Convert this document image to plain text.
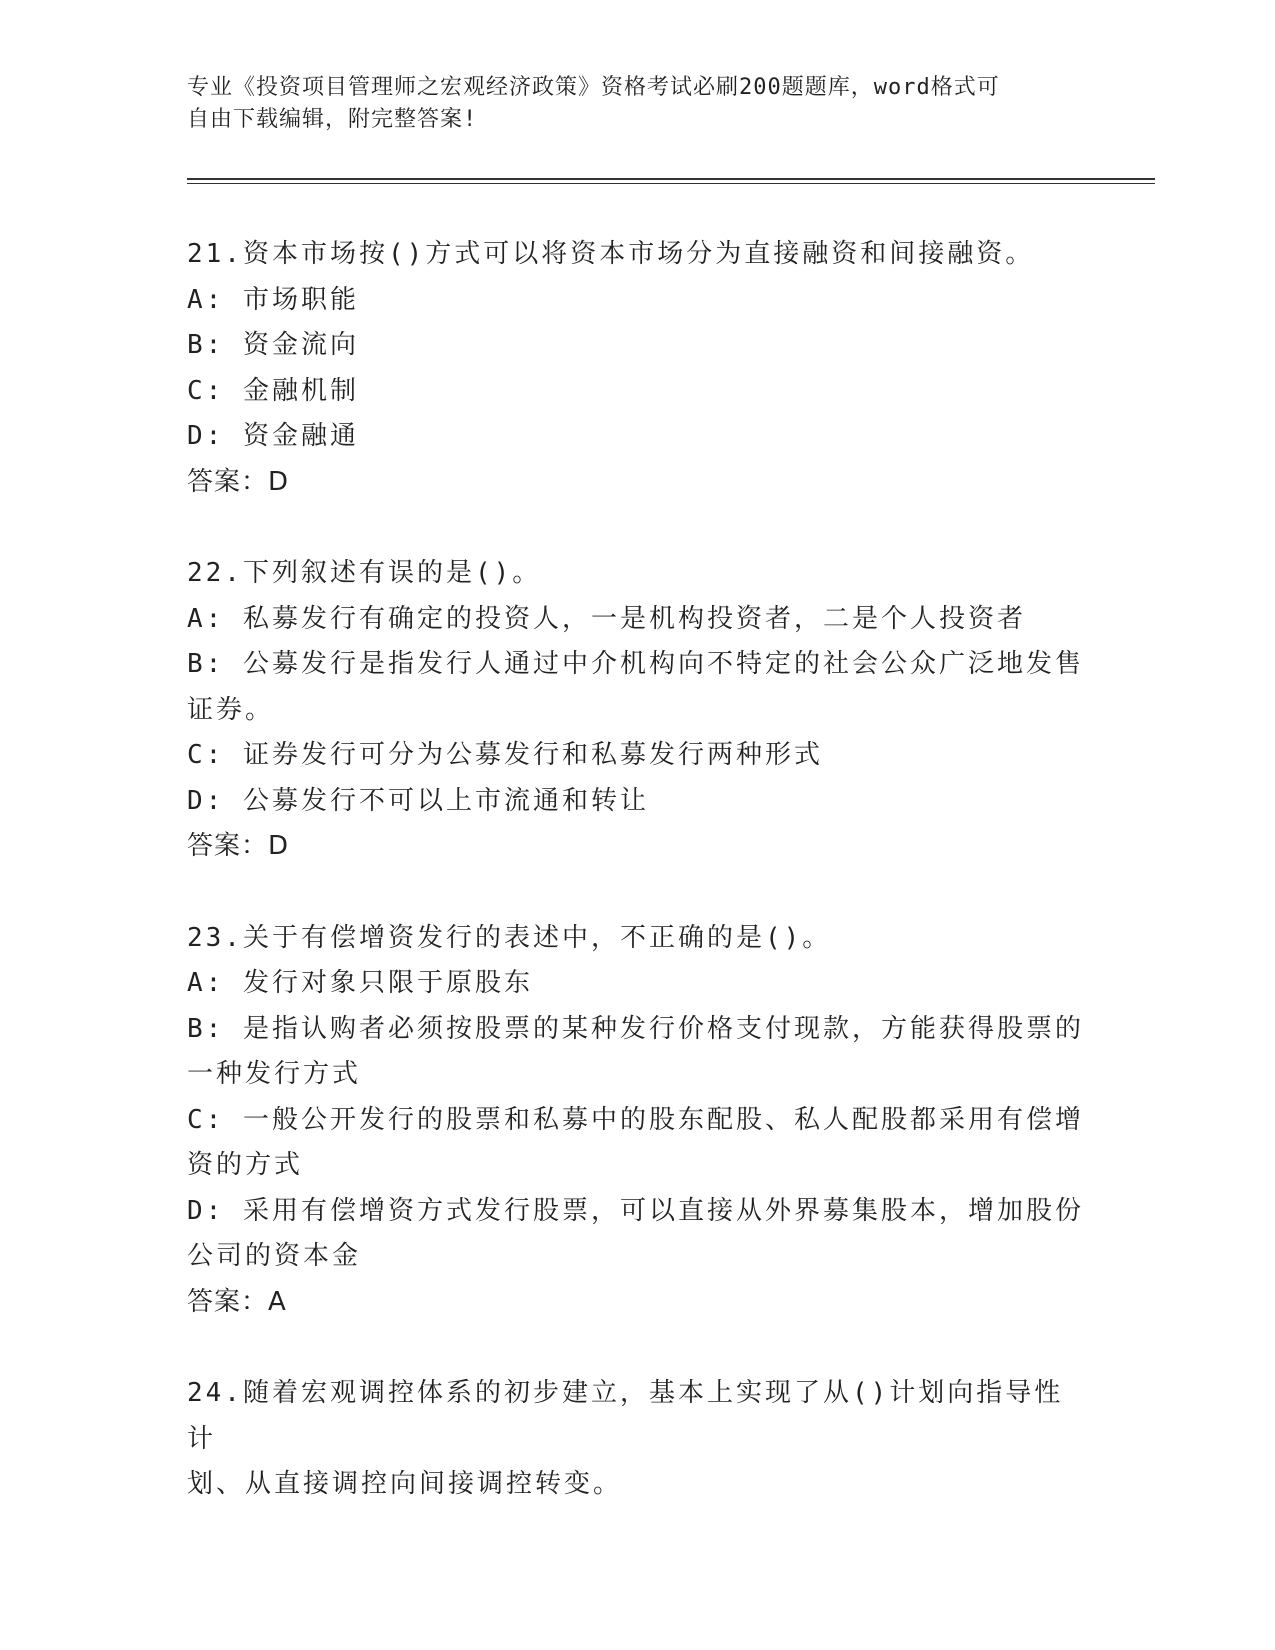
专业《投资项目管理师之宏观经济政策》资格考试必刷200题题库，word格式可
自由下载编辑，附完整答案!
21.资本市场按()方式可以将资本市场分为直接融资和间接融资。
A: 市场职能
B: 资金流向
C: 金融机制
D: 资金融通
答案：D
22.下列叙述有误的是()。
A: 私募发行有确定的投资人，一是机构投资者，二是个人投资者
B: 公募发行是指发行人通过中介机构向不特定的社会公众广泛地发售
证券。
C: 证券发行可分为公募发行和私募发行两种形式
D: 公募发行不可以上市流通和转让
答案：D
23.关于有偿增资发行的表述中，不正确的是()。
A: 发行对象只限于原股东
B: 是指认购者必须按股票的某种发行价格支付现款，方能获得股票的
一种发行方式
C: 一般公开发行的股票和私募中的股东配股、私人配股都采用有偿增
资的方式
D: 采用有偿增资方式发行股票，可以直接从外界募集股本，增加股份
公司的资本金
答案：A
24.随着宏观调控体系的初步建立，基本上实现了从()计划向指导性计
划、从直接调控向间接调控转变。
